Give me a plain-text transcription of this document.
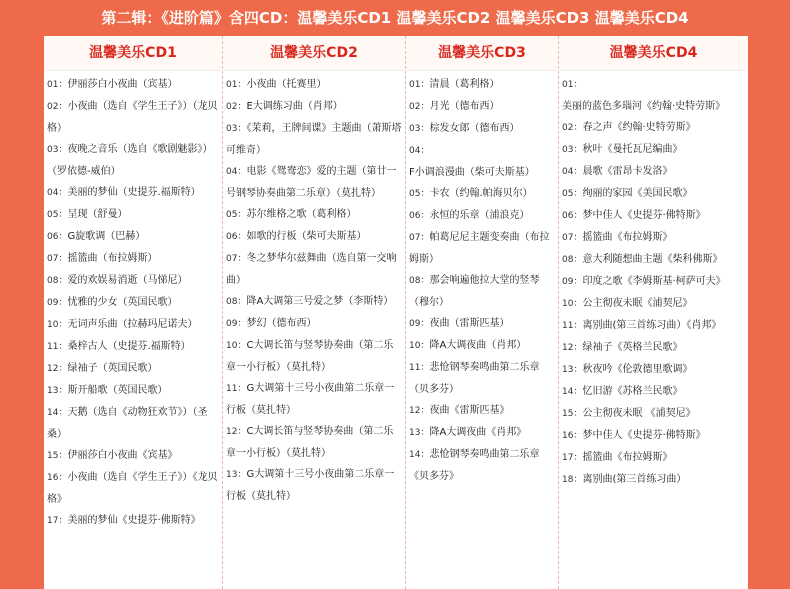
第二辑：《进阶篇》含四CD：温馨美乐CD1 温馨美乐CD2 温馨美乐CD3 温馨美乐CD4
温馨美乐CD1
01：伊丽莎白小夜曲（宾基）
02：小夜曲（选自《学生王子》）（龙贝格）
03：夜晚之音乐（选自《歌剧魅影》）（罗依德-威伯）
04：美丽的梦仙（史提芬.福斯特）
05：呈现（舒曼）
06：G旋歌调（巴赫）
07：摇篮曲（布拉姆斯）
08：爱的欢娱易消逝（马悌尼）
09：忧雅的少女（英国民歌）
10：无词声乐曲（拉赫玛尼诺夫）
11：桑梓古人（史提芬.福斯特）
12：绿袖子（英国民歌）
13：斯开船歌（英国民歌）
14：天鹅（选自《动物狂欢节》）（圣桑）
15：伊丽莎白小夜曲《宾基》
16：小夜曲（选自《学生王子》）《龙贝格》
17：美丽的梦仙《史提芬·佛斯特》
温馨美乐CD2
01：小夜曲（托赛里）
02：E大调练习曲（肖邦）
03：《茉莉，王牌间谍》主题曲（萧斯塔可维奇）
04：电影《鸳鸯恋》爱的主题（第廿一号钢琴协奏曲第二乐章）（莫扎特）
05：苏尔维格之歌（葛利格）
06：如歌的行板（柴可夫斯基）
07：冬之梦华尔兹舞曲（选自第一交响曲）
08：降A大调第三号爱之梦（李斯特）
09：梦幻（德布西）
10：C大调长笛与竖琴协奏曲（第二乐章一小行板）（莫扎特）
11：G大调第十三号小夜曲第二乐章一行板（莫扎特）
12：C大调长笛与竖琴协奏曲（第二乐章一小行板）（莫扎特）
13：G大调第十三号小夜曲第二乐章一行板（莫扎特）
温馨美乐CD3
01：清晨（葛利格）
02：月光（德布西）
03：棕发女郎（德布西）
04：F小调浪漫曲（柴可夫斯基）
05：卡农（约翰.帕海贝尔）
06：永恒的乐章（浦浪克）
07：帕葛尼尼主题变奏曲（布拉姆斯）
08：那会响遍他拉大堂的竖琴（穆尔）
09：夜曲（雷斯匹基）
10：降A大调夜曲（肖邦）
11：悲怆钢琴奏鸣曲第二乐章（贝多芬）
12：夜曲《雷斯匹基》
13：降A大调夜曲《肖邦》
14：悲怆钢琴奏鸣曲第二乐章《贝多芬》
温馨美乐CD4
01：美丽的蓝色多瑙河《约翰·史特劳斯》
02：春之声《约翰·史特劳斯》
03：秋叶《曼托瓦尼编曲》
04：晨歌《雷昂卡发洛》
05：绚丽的家园《美国民歌》
06：梦中佳人《史提芬·佛特斯》
07：摇篮曲《布拉姆斯》
08：意大利随想曲主题《柴科佛斯》
09：印度之歌《李姆斯基·柯萨可夫》
10：公主彻夜未眠《浦契尼》
11：离别曲(第三首练习曲）《肖邦》
12：绿袖子《英格兰民歌》
13：秋夜吟《伦敦德里歌调》
14：忆旧游《苏格兰民歌》
15：公主彻夜未眠 《浦契尼》
16：梦中佳人《史提芬·佛特斯》
17：摇篮曲《布拉姆斯》
18：离别曲(第三首练习曲）
